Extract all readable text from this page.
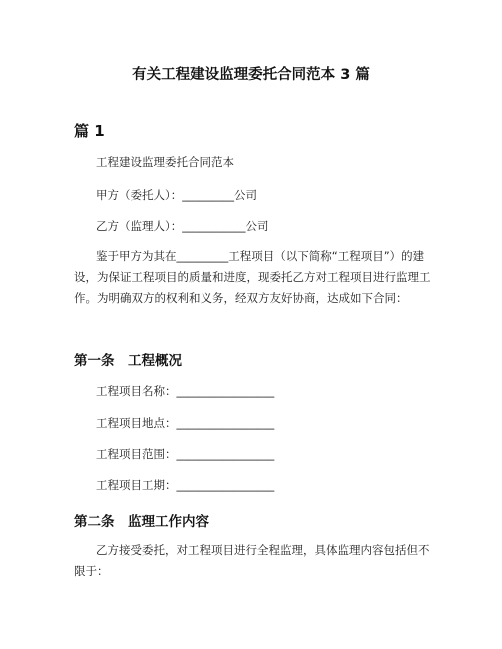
有关工程建设监理委托合同范本 3 篇
篇 1
工程建设监理委托合同范本
甲方（委托人）：_________公司
乙方（监理人）：___________公司
鉴于甲方为其在_________工程项目（以下简称“工程项目”）的建设，为保证工程项目的质量和进度，现委托乙方对工程项目进行监理工作。为明确双方的权利和义务，经双方友好协商，达成如下合同：
第一条　工程概况
工程项目名称：_________________
工程项目地点：_________________
工程项目范围：_________________
工程项目工期：_________________
第二条　监理工作内容
乙方接受委托，对工程项目进行全程监理，具体监理内容包括但不限于：
